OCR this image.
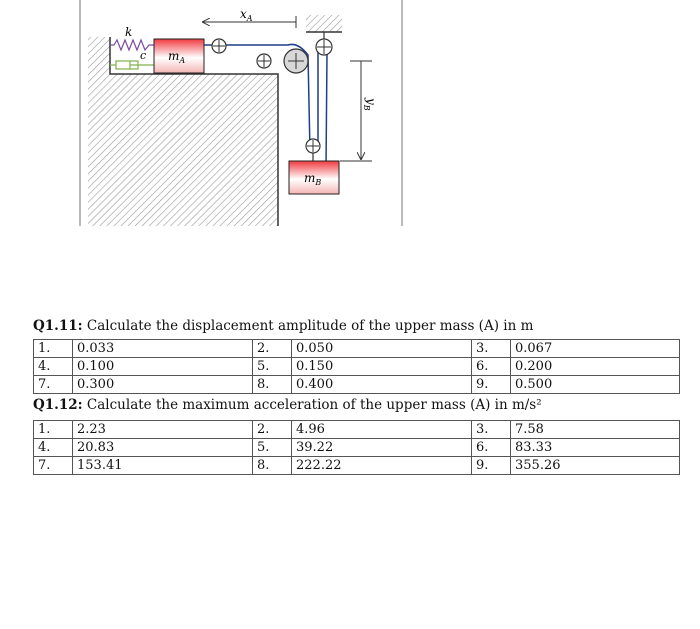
k
c $m_A$
$m_B$
$x_A$
$y_B$
Q1.11: Calculate the displacement amplitude of the upper mass (A) in m
1.	0.033	2.	0.050	3.	0.067
4.	0.100	5.	0.150	6.	0.200
7.	0.300	8.	0.400	9.	0.500
Q1.12: Calculate the maximum acceleration of the upper mass (A) in m/s²
1.	2.23	2.	4.96	3.	7.58
4.	20.83	5.	39.22	6.	83.33
7.	153.41	8.	222.22	9.	355.26
